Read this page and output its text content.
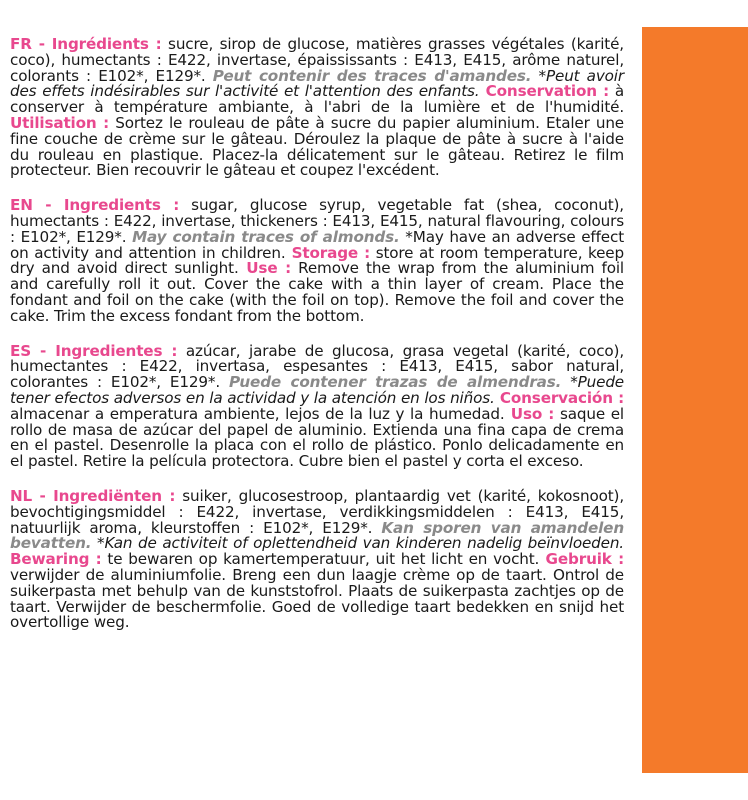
FR - Ingrédients : sucre, sirop de glucose, matières grasses végétales (karité, coco), humectants : E422, invertase, épaississants : E413, E415, arôme naturel, colorants : E102*, E129*. Peut contenir des traces d'amandes. *Peut avoir des effets indésirables sur l'activité et l'attention des enfants. Conservation : à conserver à température ambiante, à l'abri de la lumière et de l'humidité. Utilisation : Sortez le rouleau de pâte à sucre du papier aluminium. Etaler une fine couche de crème sur le gâteau. Déroulez la plaque de pâte à sucre à l'aide du rouleau en plastique. Placez-la délicatement sur le gâteau. Retirez le film protecteur. Bien recouvrir le gâteau et coupez l'excédent.

EN - Ingredients : sugar, glucose syrup, vegetable fat (shea, coconut), humectants : E422, invertase, thickeners : E413, E415, natural flavouring, colours : E102*, E129*. May contain traces of almonds. *May have an adverse effect on activity and attention in children. Storage : store at room temperature, keep dry and avoid direct sunlight. Use : Remove the wrap from the aluminium foil and carefully roll it out. Cover the cake with a thin layer of cream. Place the fondant and foil on the cake (with the foil on top). Remove the foil and cover the cake. Trim the excess fondant from the bottom.

ES - Ingredientes : azúcar, jarabe de glucosa, grasa vegetal (karité, coco), humectantes : E422, invertasa, espesantes : E413, E415, sabor natural, colorantes : E102*, E129*. Puede contener trazas de almendras. *Puede tener efectos adversos en la actividad y la atención en los niños. Conservación : almacenar a emperatura ambiente, lejos de la luz y la humedad. Uso : saque el rollo de masa de azúcar del papel de aluminio. Extienda una fina capa de crema en el pastel. Desenrolle la placa con el rollo de plástico. Ponlo delicadamente en el pastel. Retire la película protectora. Cubre bien el pastel y corta el exceso.

NL - Ingrediënten : suiker, glucosestroop, plantaardig vet (karité, kokosnoot), bevochtigingsmiddel : E422, invertase, verdikkingsmiddelen : E413, E415, natuurlijk aroma, kleurstoffen : E102*, E129*. Kan sporen van amandelen bevatten. *Kan de activiteit of oplettendheid van kinderen nadelig beïnvloeden. Bewaring : te bewaren op kamertemperatuur, uit het licht en vocht. Gebruik : verwijder de aluminiumfolie. Breng een dun laagje crème op de taart. Ontrol de suikerpasta met behulp van de kunststofrol. Plaats de suikerpasta zachtjes op de taart. Verwijder de beschermfolie. Goed de volledige taart bedekken en snijd het overtollige weg.
